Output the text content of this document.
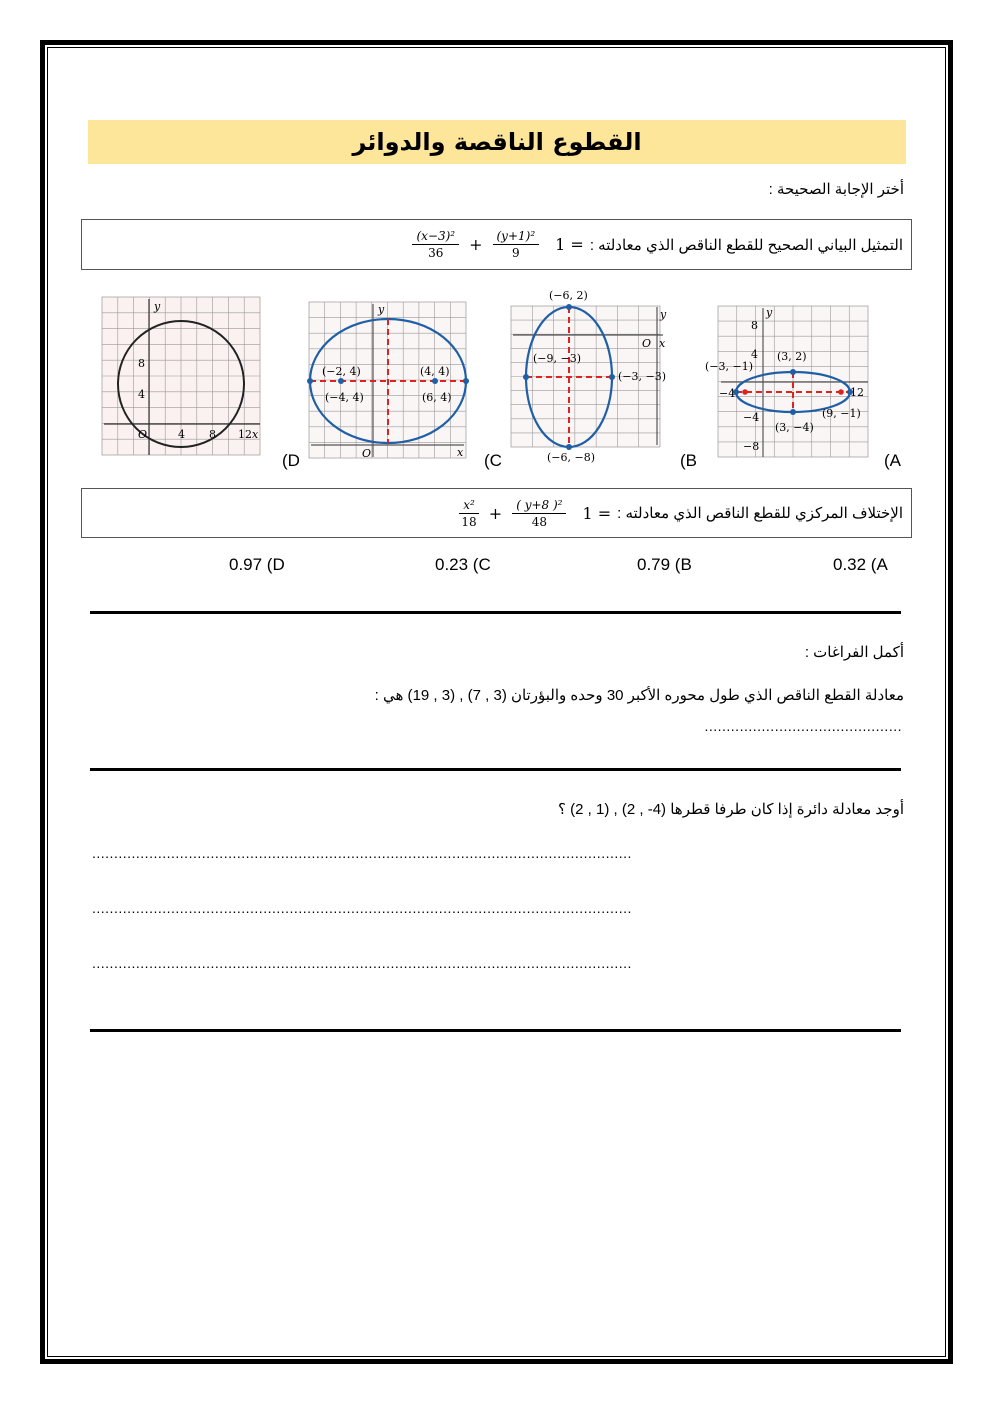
القطوع الناقصة والدوائر
أختر الإجابة الصحيحة :
التمثيل البياني الصحيح للقطع الناقص الذي معادلته :
$\frac{\text{(x−3)²}}{36} + \frac{\text{(y+1)²}}{9} 1$ =
(3, 2)
(−3, −1)
(9, −1)
(3, −4)
8
4
−4
−8
−4	12
y
(A
(−6, 2)
(−9, −3)
(−3, −3)
(−6, −8)
O x
y
(B
(−2, 4)	(4, 4)
(−4, 4)	(6, 4)
O	x
y
(C
8
4
4 8 12
O	x
y
(D
الإختلاف المركزي للقطع الناقص الذي معادلته :
$\frac{\text{x²}}{18} + \frac{\text{( y+8 )²}}{48} 1$ =
0.32 (A
0.79 (B
0.23 (C
0.97 (D
أكمل الفراغات :
معادلة القطع الناقص الذي طول محوره الأكبر 30 وحده والبؤرتان (3 , 7) , (3 , 19) هي :
.............................................
أوجد معادلة دائرة إذا كان طرفا قطرها (4- , 2) , (1 , 2) ؟
...........................................................................................................................
...........................................................................................................................
...........................................................................................................................
